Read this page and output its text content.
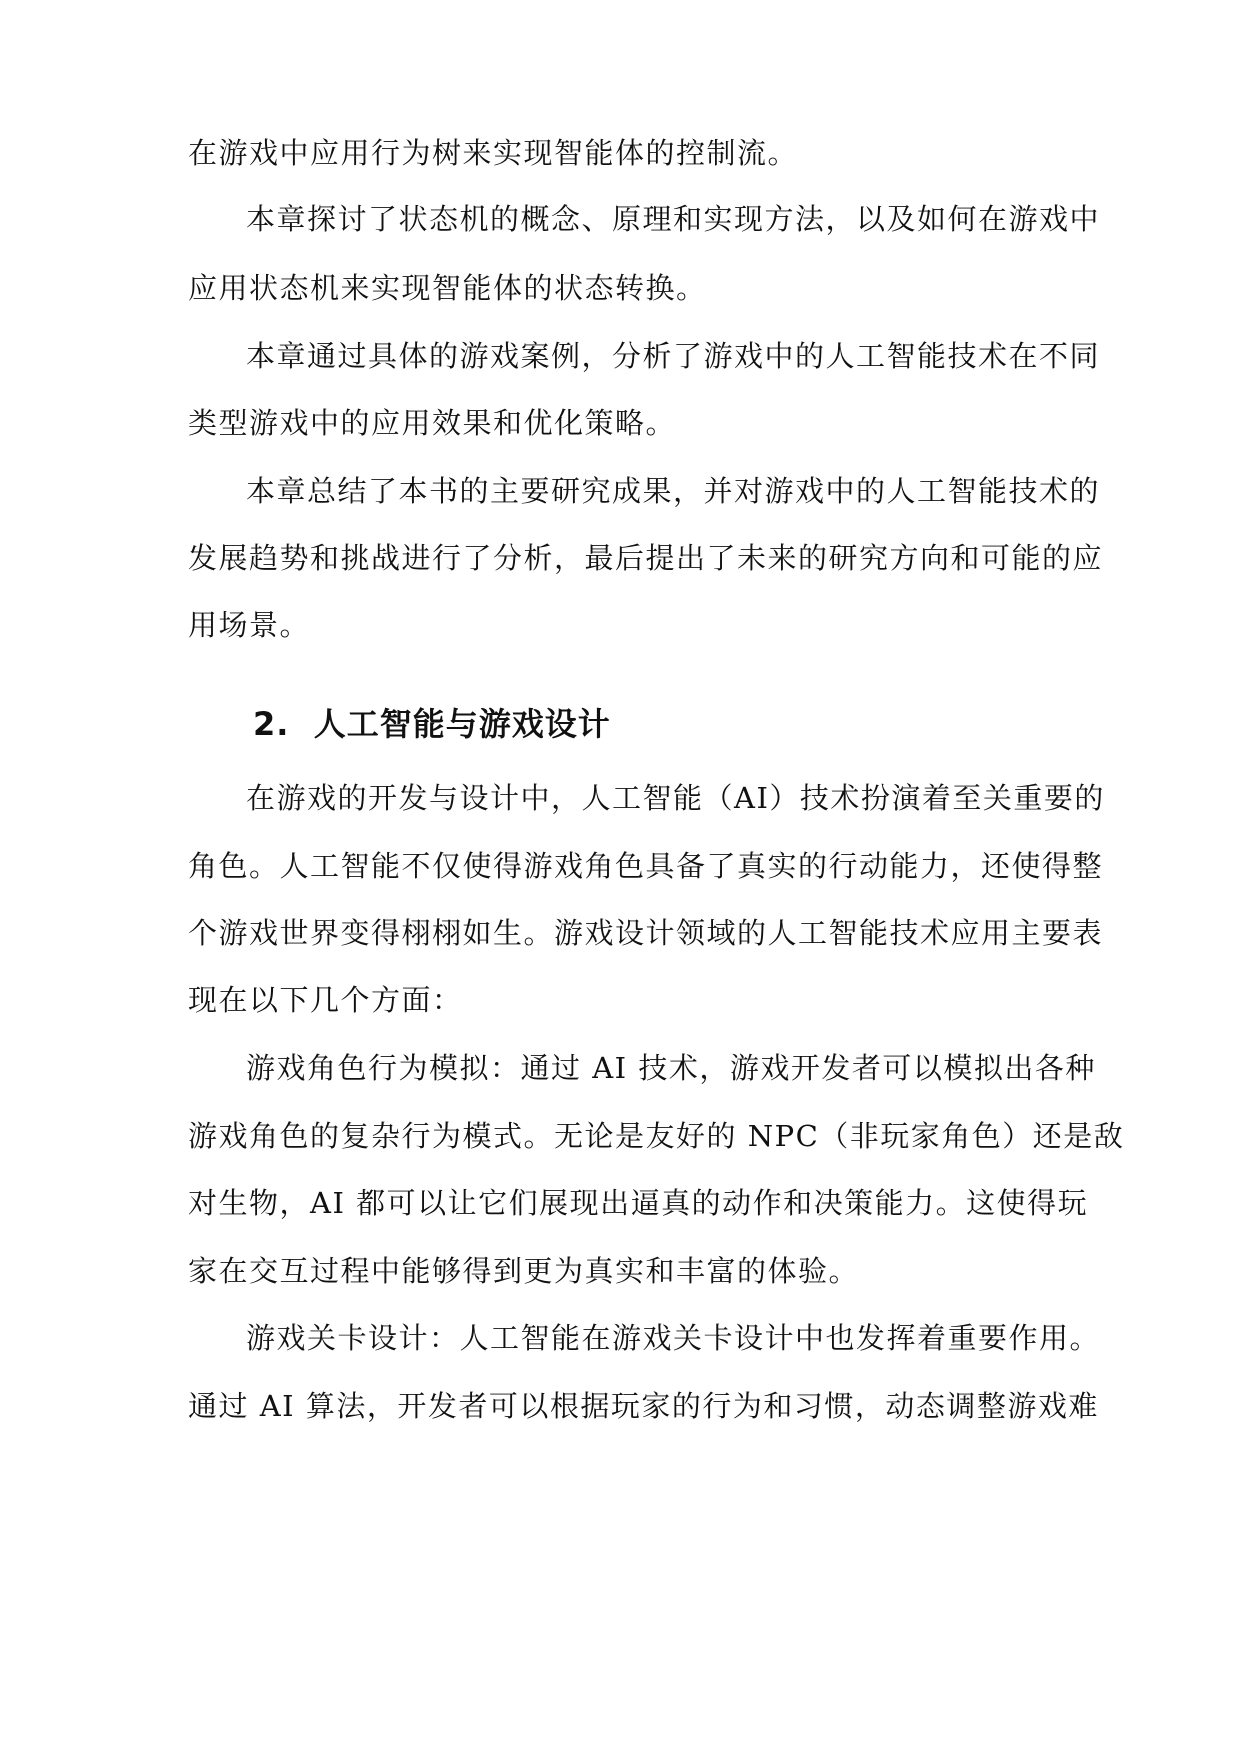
在游戏中应用行为树来实现智能体的控制流。
本章探讨了状态机的概念、原理和实现方法，以及如何在游戏中
应用状态机来实现智能体的状态转换。
本章通过具体的游戏案例，分析了游戏中的人工智能技术在不同
类型游戏中的应用效果和优化策略。
本章总结了本书的主要研究成果，并对游戏中的人工智能技术的
发展趋势和挑战进行了分析，最后提出了未来的研究方向和可能的应
用场景。
2. 人工智能与游戏设计
在游戏的开发与设计中，人工智能（AI）技术扮演着至关重要的
角色。人工智能不仅使得游戏角色具备了真实的行动能力，还使得整
个游戏世界变得栩栩如生。游戏设计领域的人工智能技术应用主要表
现在以下几个方面：
游戏角色行为模拟：通过 AI 技术，游戏开发者可以模拟出各种
游戏角色的复杂行为模式。无论是友好的 NPC（非玩家角色）还是敌
对生物，AI 都可以让它们展现出逼真的动作和决策能力。这使得玩
家在交互过程中能够得到更为真实和丰富的体验。
游戏关卡设计：人工智能在游戏关卡设计中也发挥着重要作用。
通过 AI 算法，开发者可以根据玩家的行为和习惯，动态调整游戏难
